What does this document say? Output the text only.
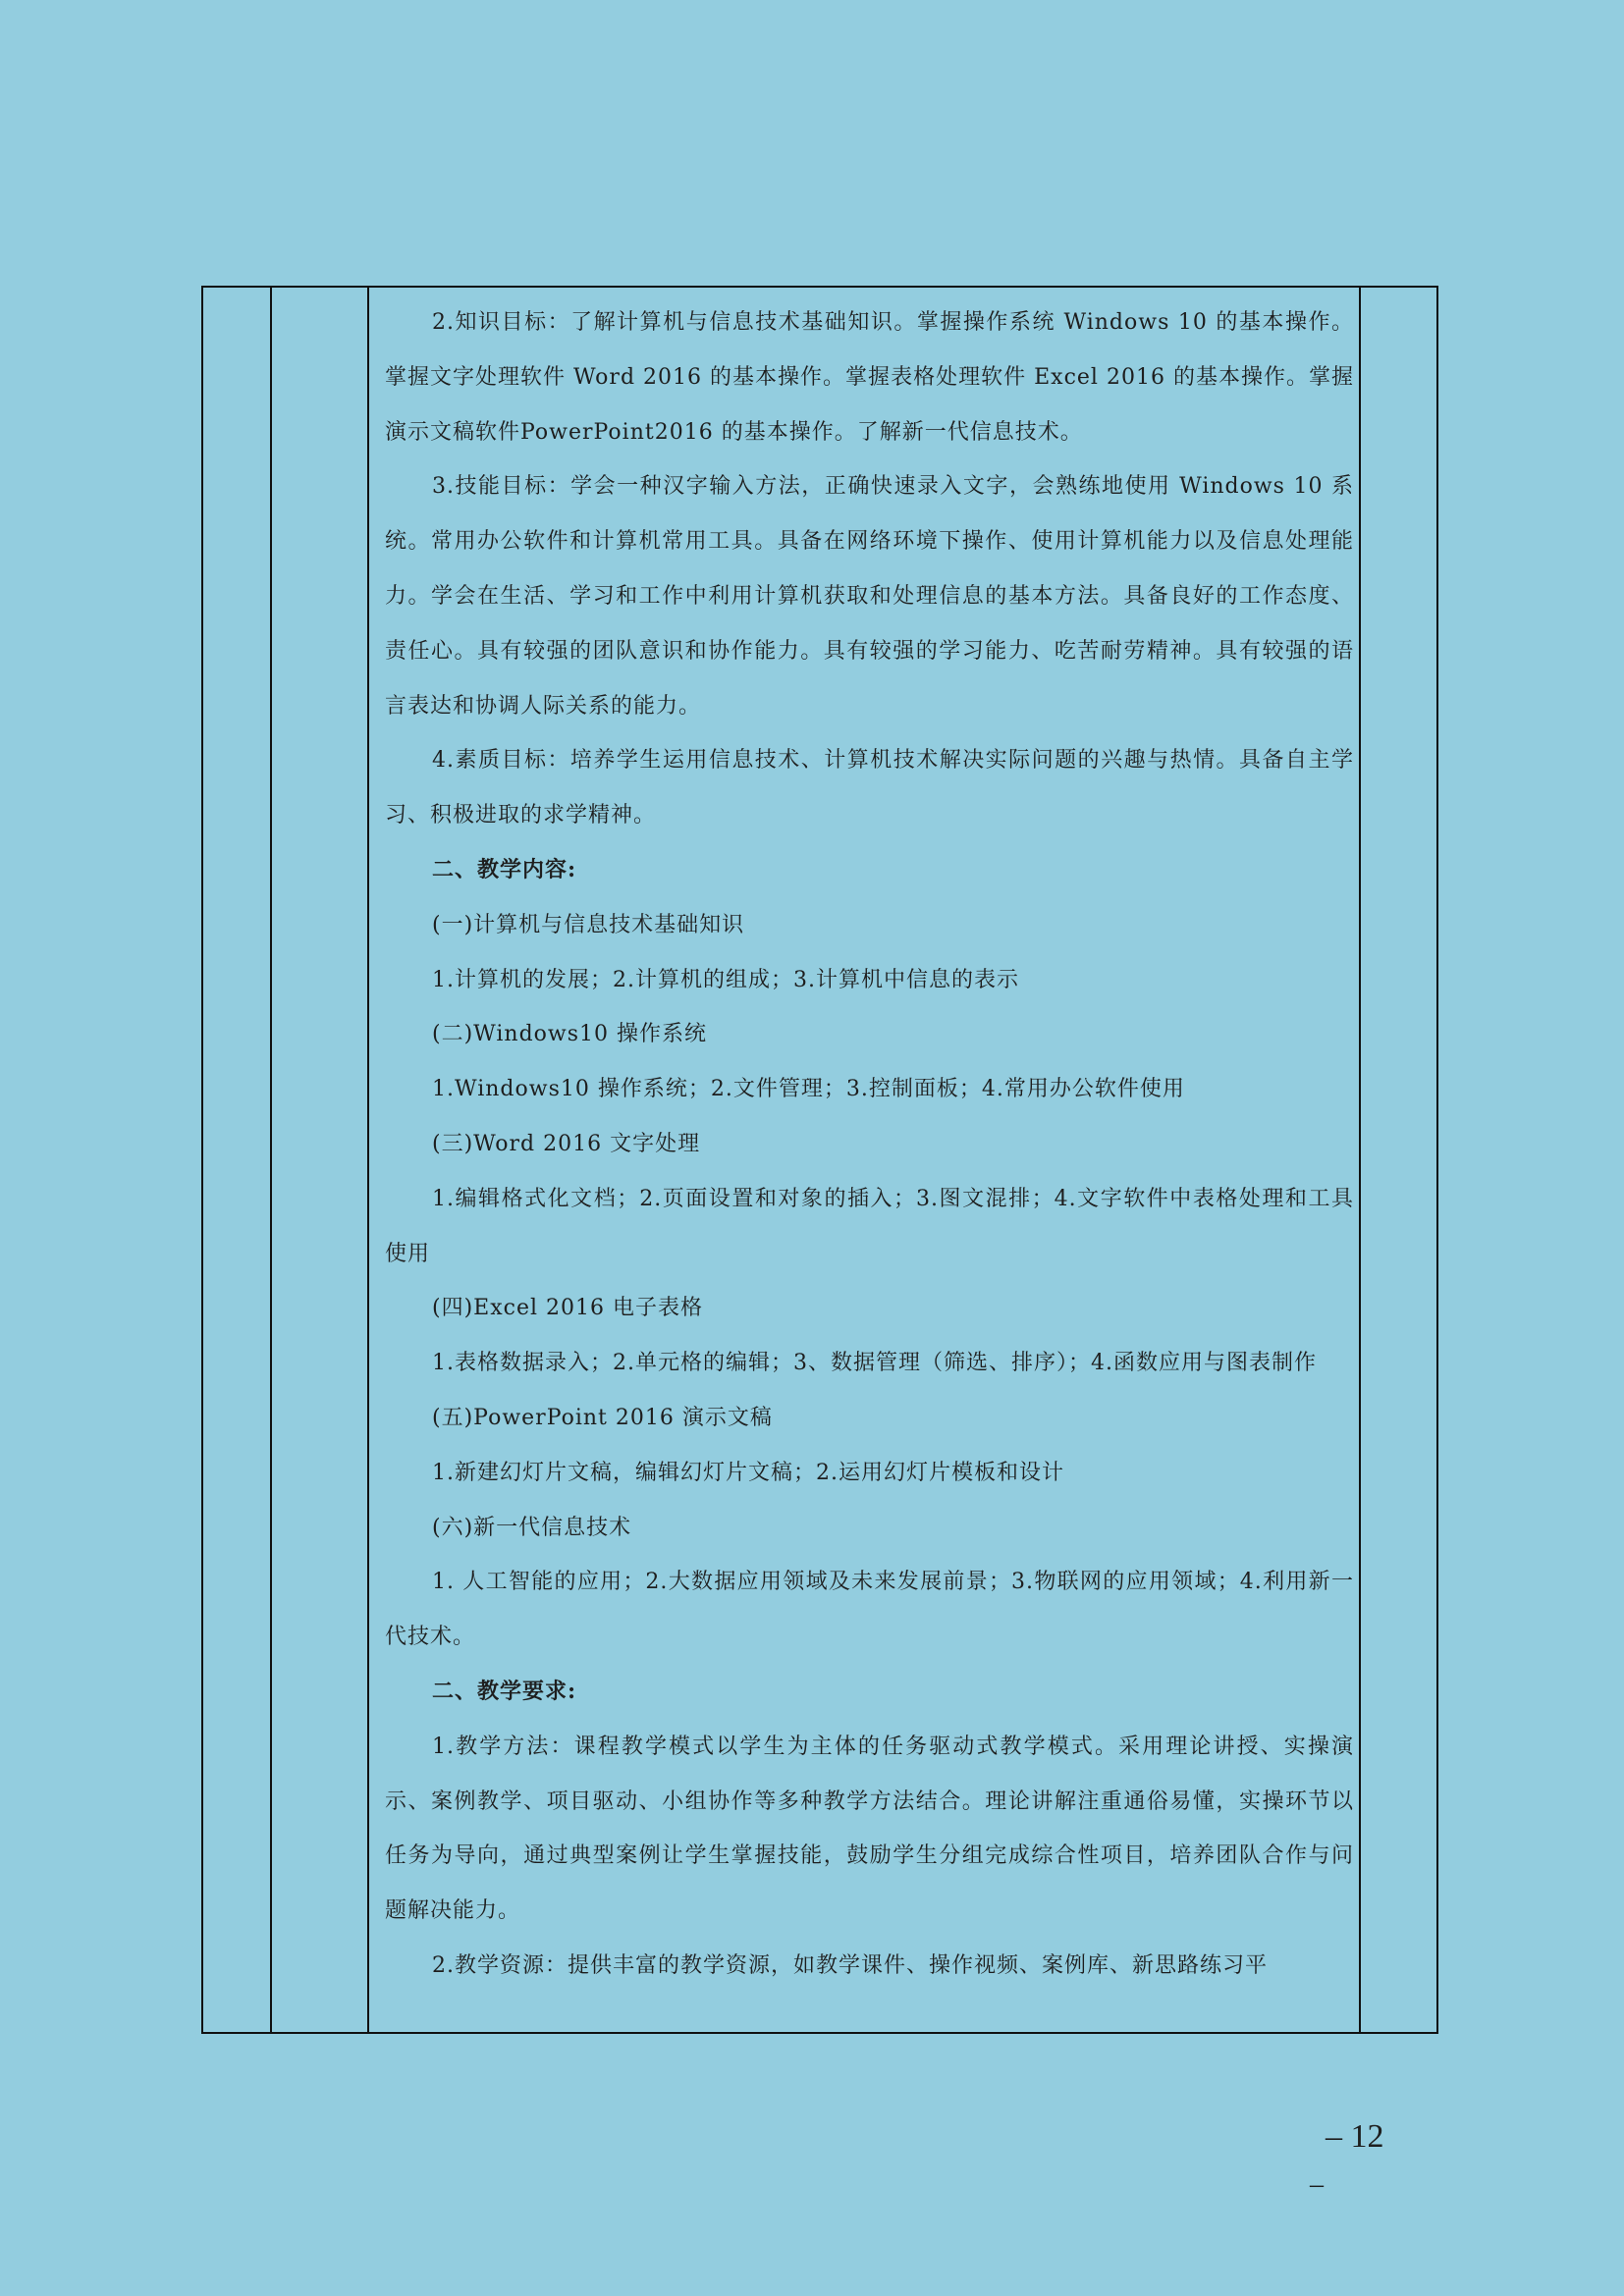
2.知识目标：了解计算机与信息技术基础知识。掌握操作系统 Windows 10 的基本操作。掌握文字处理软件 Word 2016 的基本操作。掌握表格处理软件 Excel 2016 的基本操作。掌握演示文稿软件PowerPoint2016 的基本操作。了解新一代信息技术。

3.技能目标：学会一种汉字输入方法，正确快速录入文字，会熟练地使用 Windows 10 系统。常用办公软件和计算机常用工具。具备在网络环境下操作、使用计算机能力以及信息处理能力。学会在生活、学习和工作中利用计算机获取和处理信息的基本方法。具备良好的工作态度、责任心。具有较强的团队意识和协作能力。具有较强的学习能力、吃苦耐劳精神。具有较强的语言表达和协调人际关系的能力。

4.素质目标：培养学生运用信息技术、计算机技术解决实际问题的兴趣与热情。具备自主学习、积极进取的求学精神。

二、教学内容:

(一)计算机与信息技术基础知识

1.计算机的发展；2.计算机的组成；3.计算机中信息的表示

(二)Windows10 操作系统

1.Windows10 操作系统；2.文件管理；3.控制面板；4.常用办公软件使用

(三)Word 2016 文字处理

1.编辑格式化文档；2.页面设置和对象的插入；3.图文混排；4.文字软件中表格处理和工具使用

(四)Excel 2016 电子表格

1.表格数据录入；2.单元格的编辑；3、数据管理（筛选、排序）；4.函数应用与图表制作

(五)PowerPoint 2016 演示文稿

1.新建幻灯片文稿，编辑幻灯片文稿；2.运用幻灯片模板和设计

(六)新一代信息技术

1. 人工智能的应用；2.大数据应用领域及未来发展前景；3.物联网的应用领域；4.利用新一代技术。

二、教学要求:

1.教学方法：课程教学模式以学生为主体的任务驱动式教学模式。采用理论讲授、实操演示、案例教学、项目驱动、小组协作等多种教学方法结合。理论讲解注重通俗易懂，实操环节以任务为导向，通过典型案例让学生掌握技能，鼓励学生分组完成综合性项目，培养团队合作与问题解决能力。

2.教学资源：提供丰富的教学资源，如教学课件、操作视频、案例库、新思路练习平

– 12
–
